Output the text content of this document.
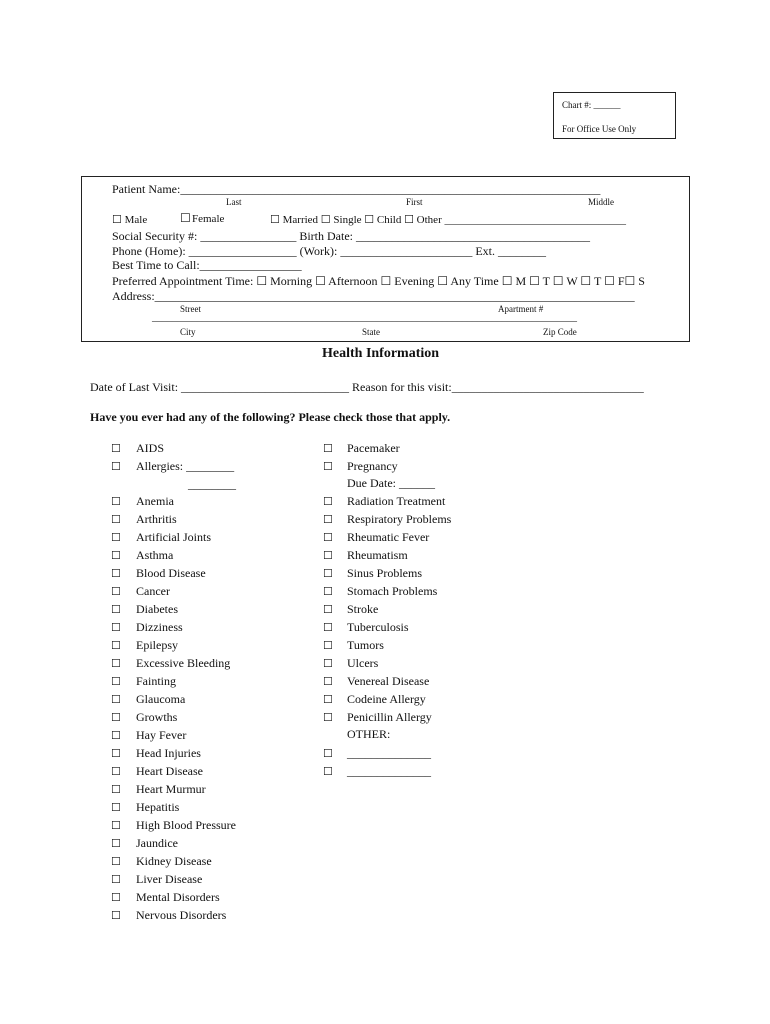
Chart #: ______
For Office Use Only
Patient Name:______________________________________________________________________
Last	First	Middle
☐ Male	☐ Female	☐ Married ☐ Single ☐ Child ☐ Other _________________________________
Social Security #: ________________ Birth Date: _______________________________________
Phone (Home): __________________ (Work): ______________________ Ext. ________
Best Time to Call:_________________
Preferred Appointment Time: ☐ Morning ☐ Afternoon ☐ Evening ☐ Any Time ☐ M ☐ T ☐ W ☐ T ☐ F☐ S
Address:________________________________________________________________________________
Street	Apartment #
_____________________________________________________________________________________
City	State	Zip Code
Health Information
Date of Last Visit: ____________________________ Reason for this visit:________________________________
Have you ever had any of the following? Please check those that apply.
☐ AIDS
☐ Allergies: ________
☐ Anemia
☐ Arthritis
☐ Artificial Joints
☐ Asthma
☐ Blood Disease
☐ Cancer
☐ Diabetes
☐ Dizziness
☐ Epilepsy
☐ Excessive Bleeding
☐ Fainting
☐ Glaucoma
☐ Growths
☐ Hay Fever
☐ Head Injuries
☐ Heart Disease
☐ Heart Murmur
☐ Hepatitis
☐ High Blood Pressure
☐ Jaundice
☐ Kidney Disease
☐ Liver Disease
☐ Mental Disorders
☐ Nervous Disorders
________
☐ Pacemaker
☐ Pregnancy
Due Date: ______
☐ Radiation Treatment
☐ Respiratory Problems
☐ Rheumatic Fever
☐ Rheumatism
☐ Sinus Problems
☐ Stomach Problems
☐ Stroke
☐ Tuberculosis
☐ Tumors
☐ Ulcers
☐ Venereal Disease
☐ Codeine Allergy
☐ Penicillin Allergy
OTHER:
☐ ______________
☐ ______________
